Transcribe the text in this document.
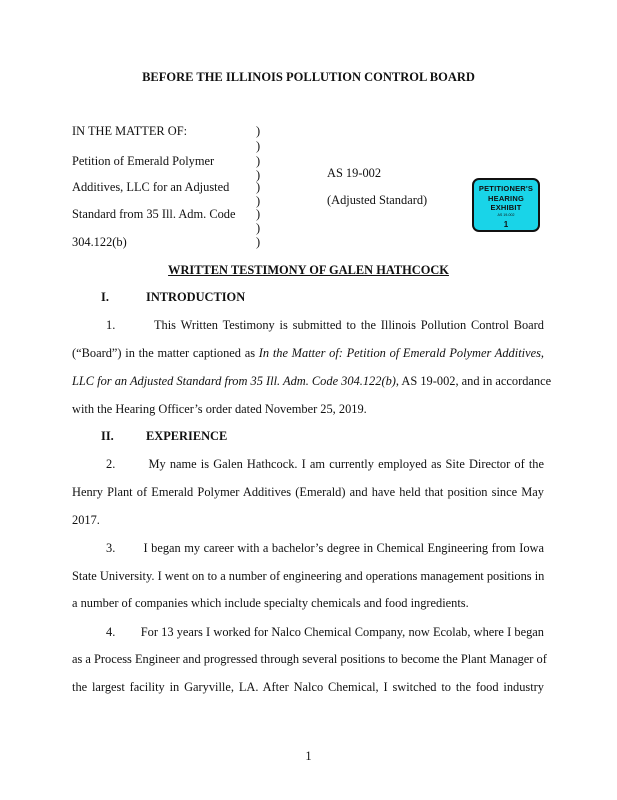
BEFORE THE ILLINOIS POLLUTION CONTROL BOARD
IN THE MATTER OF:
Petition of Emerald Polymer
Additives, LLC for an Adjusted
Standard from 35 Ill. Adm. Code
304.122(b)
)
)
)
)
)
)
)
)
)
AS 19-002
(Adjusted Standard)
PETITIONER'S
HEARING EXHIBIT
AS 19-002
1
WRITTEN TESTIMONY OF GALEN HATHCOCK
I.	INTRODUCTION
1.        This Written Testimony is submitted to the Illinois Pollution Control Board
(“Board”) in the matter captioned as In the Matter of: Petition of Emerald Polymer Additives,
LLC for an Adjusted Standard from 35 Ill. Adm. Code 304.122(b), AS 19-002, and in accordance
with the Hearing Officer’s order dated November 25, 2019.
II.	EXPERIENCE
2.        My name is Galen Hathcock. I am currently employed as Site Director of the
Henry Plant of Emerald Polymer Additives (Emerald) and have held that position since May
2017.
3.        I began my career with a bachelor’s degree in Chemical Engineering from Iowa
State University. I went on to a number of engineering and operations management positions in
a number of companies which include specialty chemicals and food ingredients.
4.        For 13 years I worked for Nalco Chemical Company, now Ecolab, where I began
as a Process Engineer and progressed through several positions to become the Plant Manager of
the largest facility in Garyville, LA. After Nalco Chemical, I switched to the food industry
1
